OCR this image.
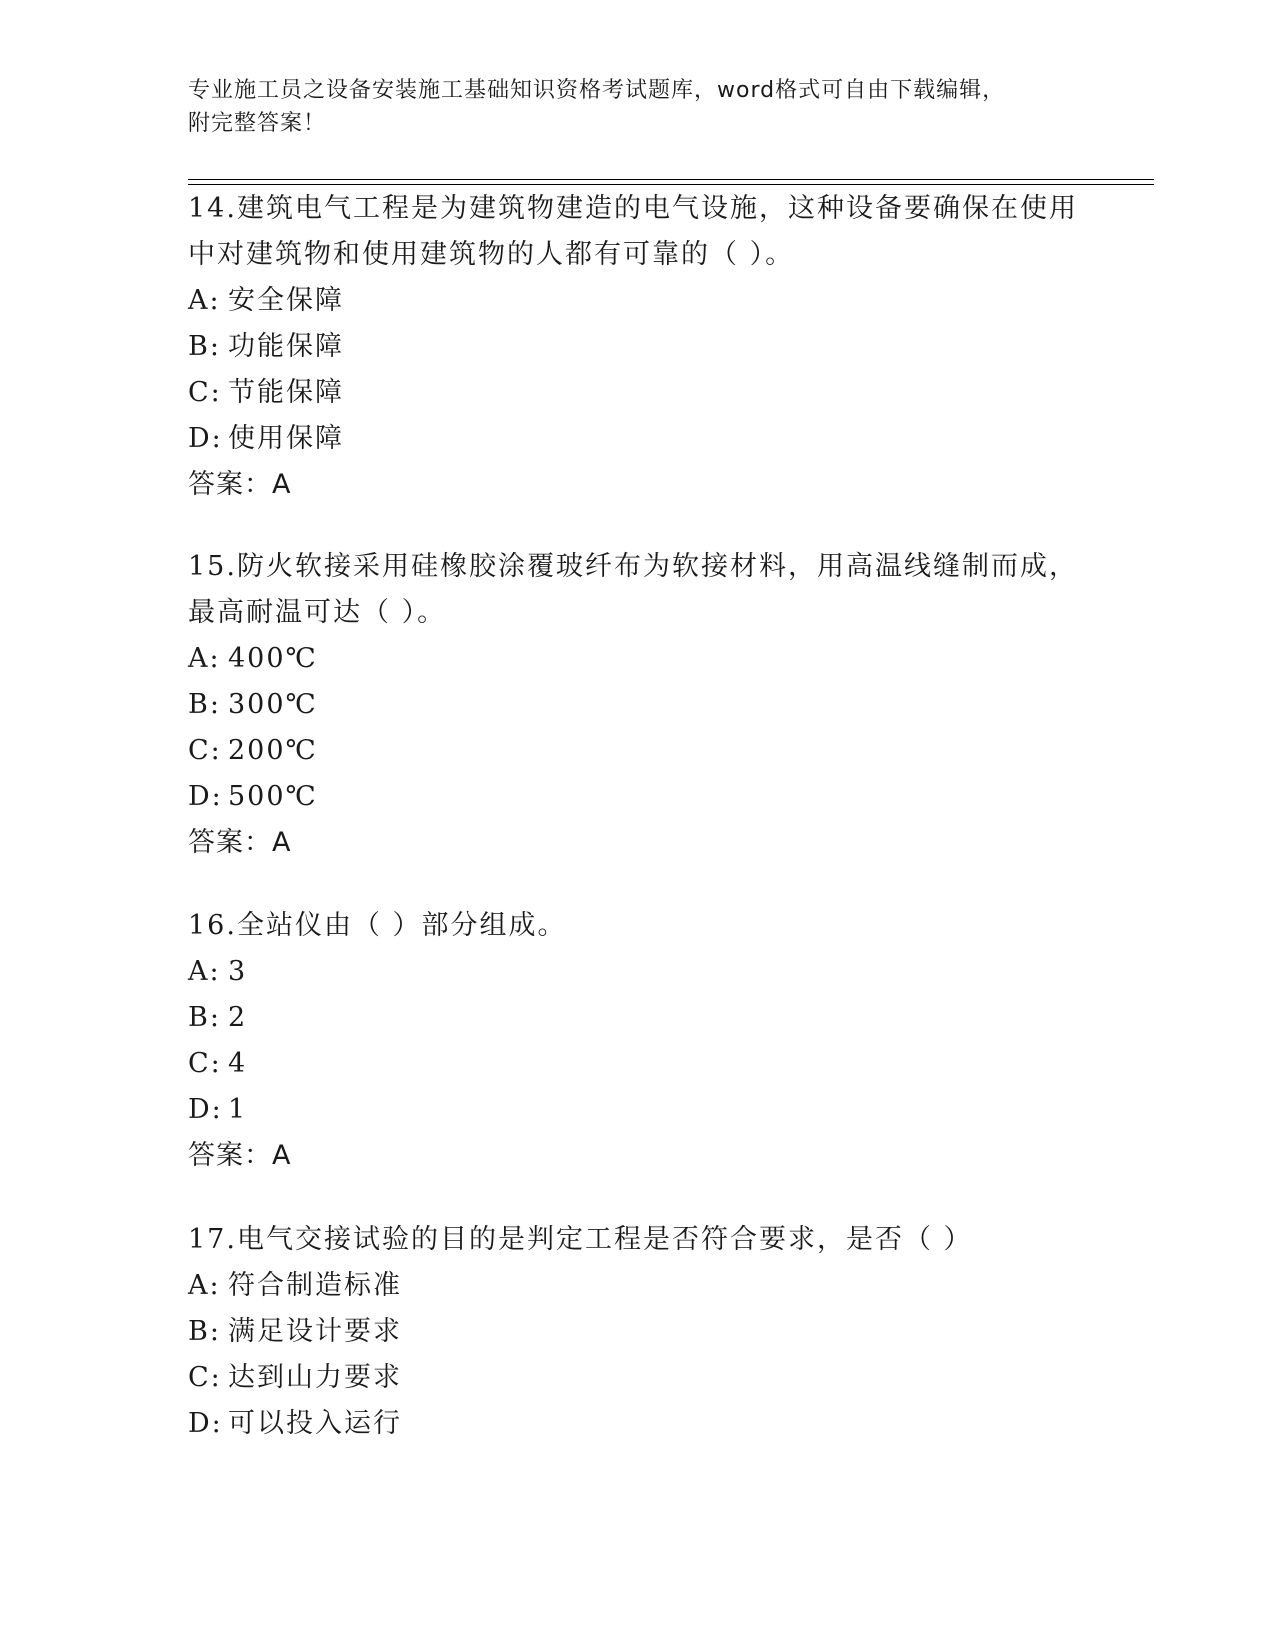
专业施工员之设备安装施工基础知识资格考试题库，word格式可自由下载编辑，
附完整答案！

14.建筑电气工程是为建筑物建造的电气设施，这种设备要确保在使用

中对建筑物和使用建筑物的人都有可靠的（ ）。

A: 安全保障
B: 功能保障
C: 节能保障
D: 使用保障
答案：A

15.防火软接采用硅橡胶涂覆玻纤布为软接材料，用高温线缝制而成，

最高耐温可达（ ）。

A: 400℃
B: 300℃
C: 200℃
D: 500℃
答案：A

16.全站仪由（ ）部分组成。

A: 3
B: 2
C: 4
D: 1
答案：A

17.电气交接试验的目的是判定工程是否符合要求，是否（ ）

A: 符合制造标准
B: 满足设计要求
C: 达到山力要求
D: 可以投入运行
